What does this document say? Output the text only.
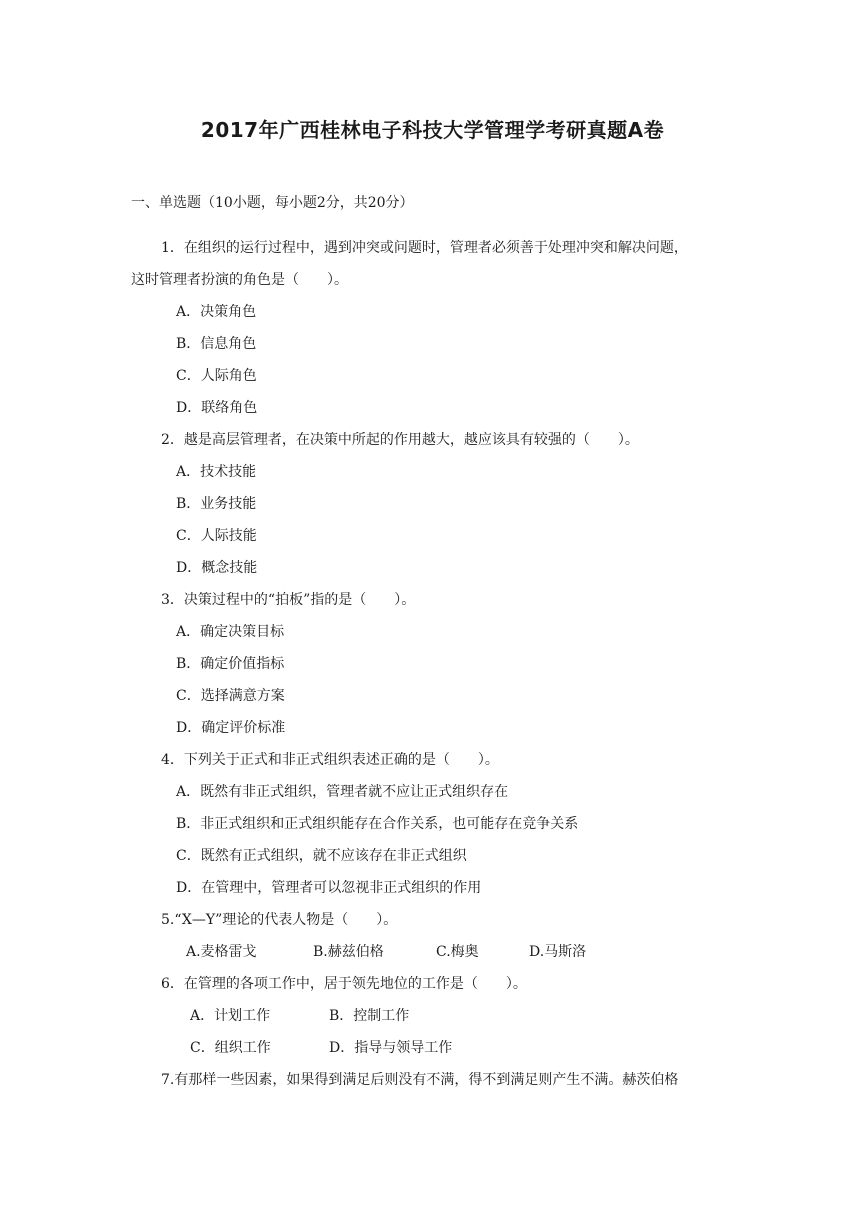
2017年广西桂林电子科技大学管理学考研真题A卷
一、单选题（10小题，每小题2分，共20分）
1．在组织的运行过程中，遇到冲突或问题时，管理者必须善于处理冲突和解决问题，
这时管理者扮演的角色是（　　）。
A．决策角色
B．信息角色
C．人际角色
D．联络角色
2．越是高层管理者，在决策中所起的作用越大，越应该具有较强的（　　）。
A．技术技能
B．业务技能
C．人际技能
D．概念技能
3．决策过程中的“拍板”指的是（　　）。
A．确定决策目标
B．确定价值指标
C．选择满意方案
D．确定评价标准
4．下列关于正式和非正式组织表述正确的是（　　）。
A．既然有非正式组织，管理者就不应让正式组织存在
B．非正式组织和正式组织能存在合作关系，也可能存在竞争关系
C．既然有正式组织，就不应该存在非正式组织
D．在管理中，管理者可以忽视非正式组织的作用
5.“X—Y”理论的代表人物是（　　）。
A.麦格雷戈	B.赫兹伯格	C.梅奥	D.马斯洛
6．在管理的各项工作中，居于领先地位的工作是（　　）。
A．计划工作	B．控制工作
C．组织工作	D．指导与领导工作
7.有那样一些因素，如果得到满足后则没有不满，得不到满足则产生不满。赫茨伯格
